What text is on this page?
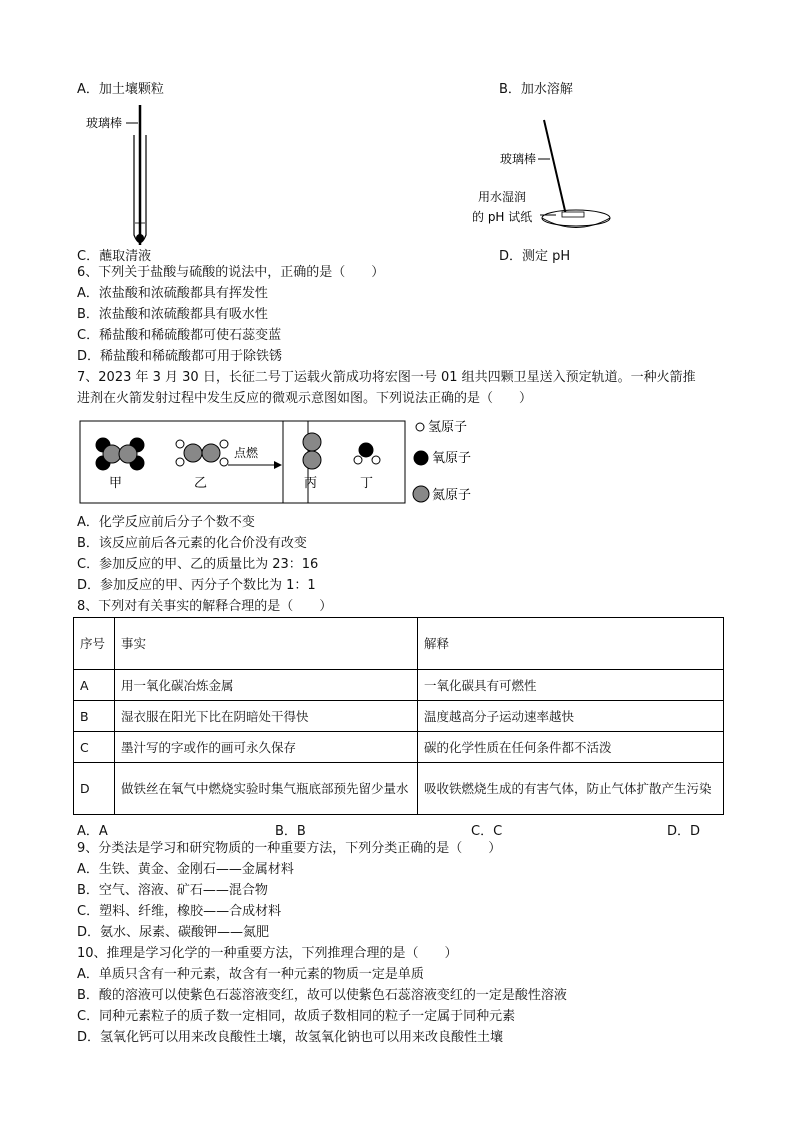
A．加土壤颗粒	B．加水溶解
玻璃棒
玻璃棒
用水湿润
的 pH 试纸
C．蘸取清液	D．测定 pH
6、下列关于盐酸与硫酸的说法中，正确的是（　　）
A．浓盐酸和浓硫酸都具有挥发性
B．浓盐酸和浓硫酸都具有吸水性
C．稀盐酸和稀硫酸都可使石蕊变蓝
D．稀盐酸和稀硫酸都可用于除铁锈
7、2023 年 3 月 30 日，长征二号丁运载火箭成功将宏图一号 01 组共四颗卫星送入预定轨道。一种火箭推
进剂在火箭发射过程中发生反应的微观示意图如图。下列说法正确的是（　　）
甲	乙
点燃
丙	丁
氢原子
氧原子
氮原子
A．化学反应前后分子个数不变
B．该反应前后各元素的化合价没有改变
C．参加反应的甲、乙的质量比为 23：16
D．参加反应的甲、丙分子个数比为 1：1
8、下列对有关事实的解释合理的是（　　）
序号	事实	解释
A	用一氧化碳冶炼金属	一氧化碳具有可燃性
B	湿衣服在阳光下比在阴暗处干得快	温度越高分子运动速率越快
C	墨汁写的字或作的画可永久保存	碳的化学性质在任何条件都不活泼
D	做铁丝在氧气中燃烧实验时集气瓶底部预先留少量水	吸收铁燃烧生成的有害气体，防止气体扩散产生污染
A．A	B．B	C．C	D．D
9、分类法是学习和研究物质的一种重要方法，下列分类正确的是（　　）
A．生铁、黄金、金刚石——金属材料
B．空气、溶液、矿石——混合物
C．塑料、纤维，橡胶——合成材料
D．氨水、尿素、碳酸钾——氮肥
10、推理是学习化学的一种重要方法，下列推理合理的是（　　）
A．单质只含有一种元素，故含有一种元素的物质一定是单质
B．酸的溶液可以使紫色石蕊溶液变红，故可以使紫色石蕊溶液变红的一定是酸性溶液
C．同种元素粒子的质子数一定相同，故质子数相同的粒子一定属于同种元素
D．氢氧化钙可以用来改良酸性土壤，故氢氧化钠也可以用来改良酸性土壤
